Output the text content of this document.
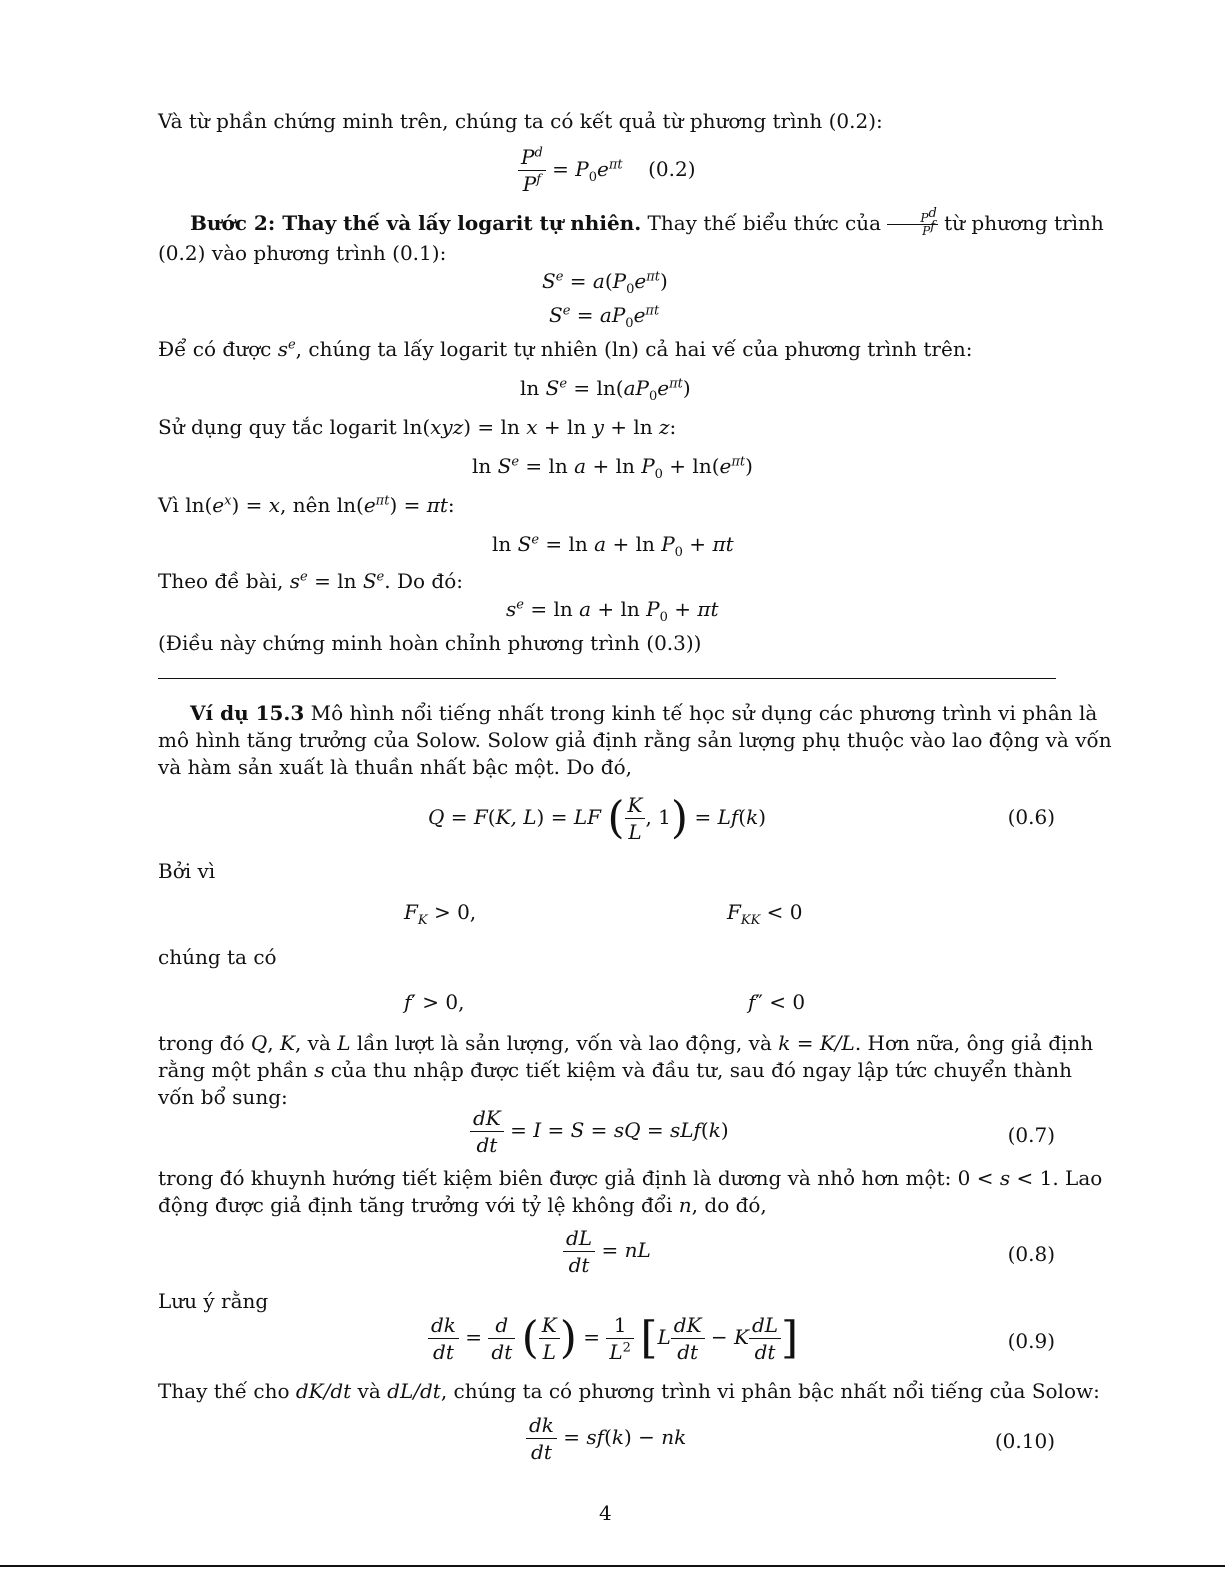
Và từ phần chứng minh trên, chúng ta có kết quả từ phương trình (0.2):
$\frac{P^d}{P^f} = P_0e^{\pi t}$ (0.2)
Bước 2: Thay thế và lấy logarit tự nhiên. Thay thế biểu thức của $\frac{P^d}{P^f}$ từ phương trình
(0.2) vào phương trình (0.1):
$S^e = a(P_0e^{\pi t})$
$S^e = aP_0e^{\pi t}$
Để có được $s^e$, chúng ta lấy logarit tự nhiên (ln) cả hai vế của phương trình trên:
$\ln S^e = \ln(aP_0e^{\pi t})$
Sử dụng quy tắc logarit ln(xyz) = ln x + ln y + ln z:
$\ln S^e = \ln a + \ln P_0 + \ln(e^{\pi t})$
Vì $\ln(e^x) = x$, nên $\ln(e^{\pi t}) = \pi t$:
$\ln S^e = \ln a + \ln P_0 + \pi t$
Theo đề bài, $s^e = \ln S^e$. Do đó:
$s^e = \ln a + \ln P_0 + \pi t$
(Điều này chứng minh hoàn chỉnh phương trình (0.3))
Ví dụ 15.3 Mô hình nổi tiếng nhất trong kinh tế học sử dụng các phương trình vi phân là
mô hình tăng trưởng của Solow. Solow giả định rằng sản lượng phụ thuộc vào lao động và vốn
và hàm sản xuất là thuần nhất bậc một. Do đó,
Q = F(K, L) = LF ( $\frac{K}{L}$ , 1) = Lf(k)	(0.6)
Bởi vì
$F_K > 0$,	$F_{KK} < 0$
chúng ta có
f′ > 0,	f″ < 0
trong đó Q, K, và L lần lượt là sản lượng, vốn và lao động, và k = K/L. Hơn nữa, ông giả định
rằng một phần s của thu nhập được tiết kiệm và đầu tư, sau đó ngay lập tức chuyển thành
vốn bổ sung:
$\frac{dK}{dt} = I = S$ = sQ = sLf(k)	(0.7)
trong đó khuynh hướng tiết kiệm biên được giả định là dương và nhỏ hơn một: 0 < s < 1. Lao
động được giả định tăng trưởng với tỷ lệ không đổi n, do đó,
$\frac{dL}{dt}$ = nL	(0.8)
Lưu ý rằng
$\frac{dk}{dt} = \frac{d}{dt}$ ( $\frac{K}{L}$ ) = $\frac{1}{L^2} [L \frac{dK}{dt} - K \frac{dL}{dt}$ ]	(0.9)
Thay thế cho dK/dt và dL/dt, chúng ta có phương trình vi phân bậc nhất nổi tiếng của Solow:
$\frac{dk}{dt} = sf(k)$ − nk	(0.10)
4
